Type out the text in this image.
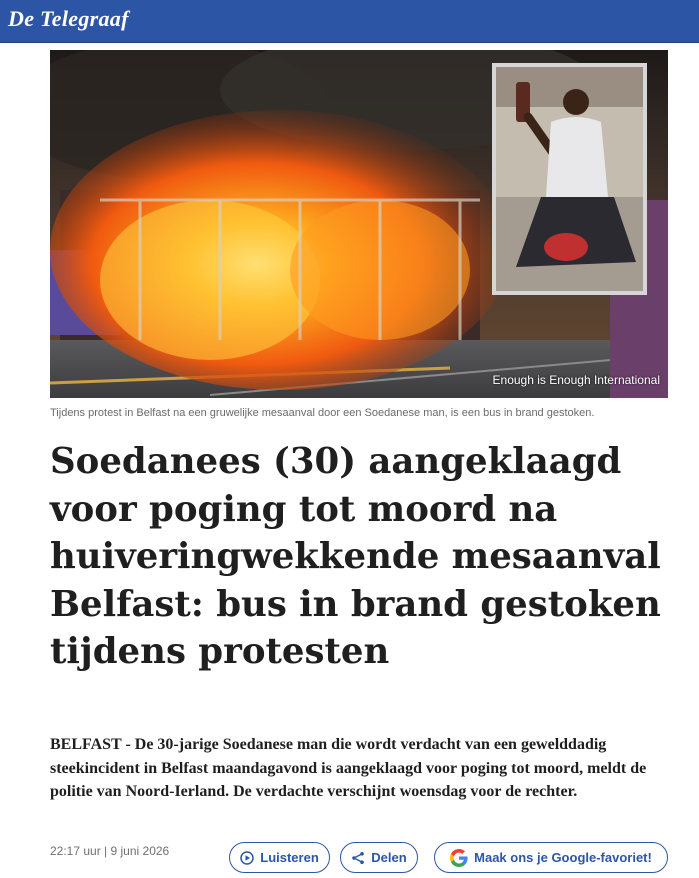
De Telegraaf
Enough is Enough International
Tijdens protest in Belfast na een gruwelijke mesaanval door een Soedanese man, is een bus in brand gestoken.
Soedanees (30) aangeklaagd voor poging tot moord na huiveringwekkende mesaanval Belfast: bus in brand gestoken tijdens protesten

BELFAST - De 30-jarige Soedanese man die wordt verdacht van een gewelddadig steekincident in Belfast maandagavond is aangeklaagd voor poging tot moord, meldt de politie van Noord-Ierland. De verdachte verschijnt woensdag voor de rechter.

22:17 uur | 9 juni 2026	Luisteren	Delen	Maak ons je Google-favoriet!
